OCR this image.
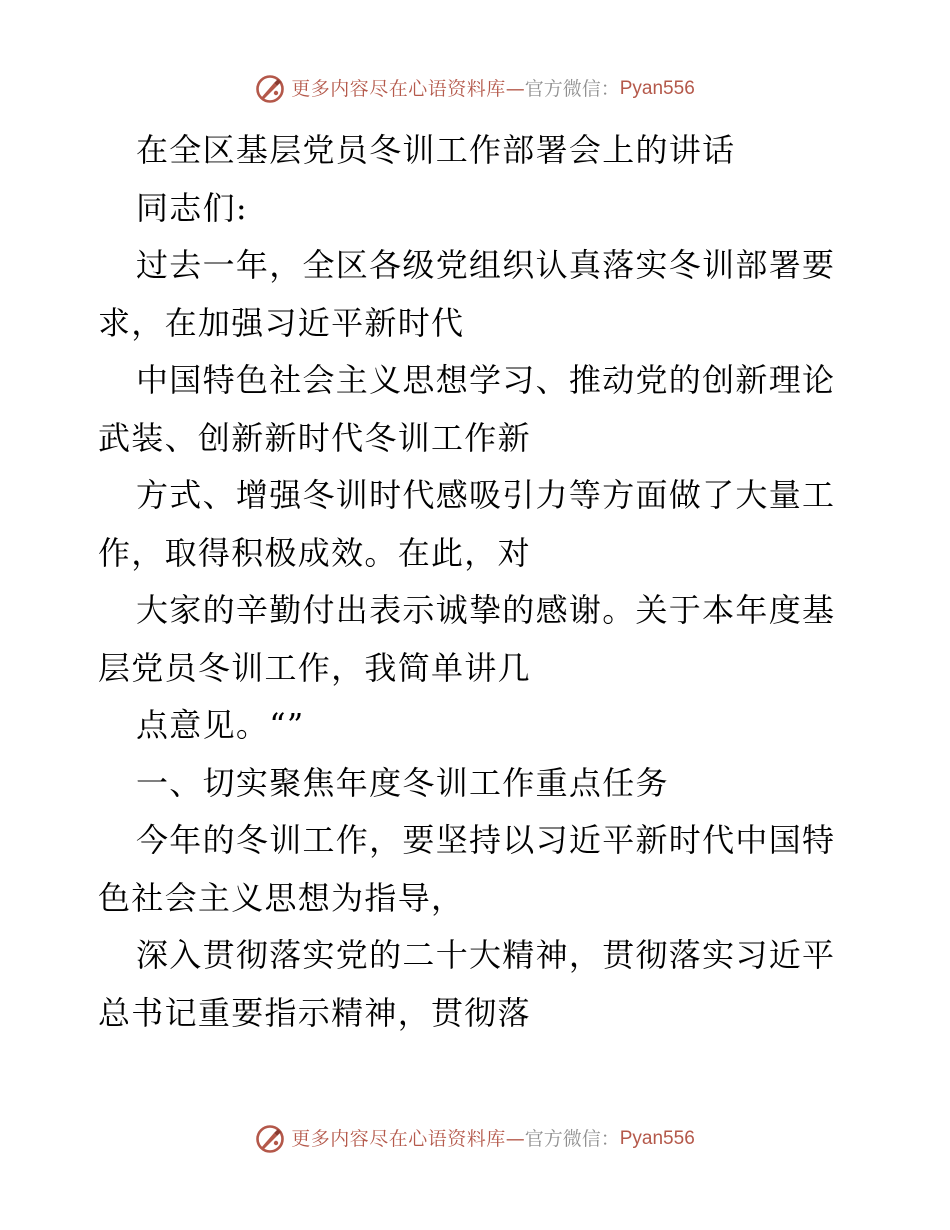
更多内容尽在心语资料库 — 官方微信： Pyan556

在全区基层党员冬训工作部署会上的讲话

同志们:

过去一年，全区各级党组织认真落实冬训部署要求，在加强习近平新时代

中国特色社会主义思想学习、推动党的创新理论武装、创新新时代冬训工作新

方式、增强冬训时代感吸引力等方面做了大量工作，取得积极成效。在此，对

大家的辛勤付出表示诚挚的感谢。关于本年度基层党员冬训工作，我简单讲几

点意见。“”

一、切实聚焦年度冬训工作重点任务

今年的冬训工作，要坚持以习近平新时代中国特色社会主义思想为指导，

深入贯彻落实党的二十大精神，贯彻落实习近平总书记重要指示精神，贯彻落

更多内容尽在心语资料库 — 官方微信： Pyan556
